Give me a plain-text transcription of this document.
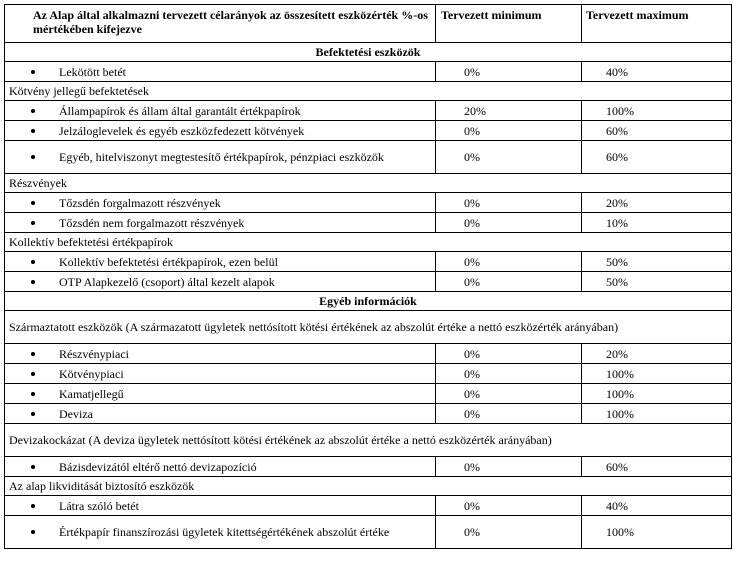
Az Alap által alkalmazni tervezett célarányok az összesített eszközérték %-os mértékében kifejezve	Tervezett minimum	Tervezett maximum
Befektetési eszközök		

Lekötött betét	0%	40%
Kötvény jellegű befektetések		

Állampapírok és állam által garantált értékpapírok	20%	100%

Jelzáloglevelek és egyéb eszközfedezett kötvények	0%	60%

Egyéb, hitelviszonyt megtestesítő értékpapírok, pénzpiaci eszközök	0%	60%
Részvények		

Tőzsdén forgalmazott részvények	0%	20%

Tőzsdén nem forgalmazott részvények	0%	10%
Kollektív befektetési értékpapírok		

Kollektív befektetési értékpapírok, ezen belül	0%	50%

OTP Alapkezelő (csoport) által kezelt alapok	0%	50%
Egyéb információk		
Származtatott eszközök (A származatott ügyletek nettósított kötési értékének az abszolút értéke a nettó eszközérték arányában)		

Részvénypiaci	0%	20%

Kötvénypiaci	0%	100%

Kamatjellegű	0%	100%

Deviza	0%	100%
Devizakockázat (A deviza ügyletek nettósított kötési értékének az abszolút értéke a nettó eszközérték arányában)		

Bázisdevizától eltérő nettó devizapozíció	0%	60%
Az alap likviditását biztosító eszközök		

Látra szóló betét	0%	40%

Értékpapír finanszírozási ügyletek kitettségértékének abszolút értéke	0%	100%
